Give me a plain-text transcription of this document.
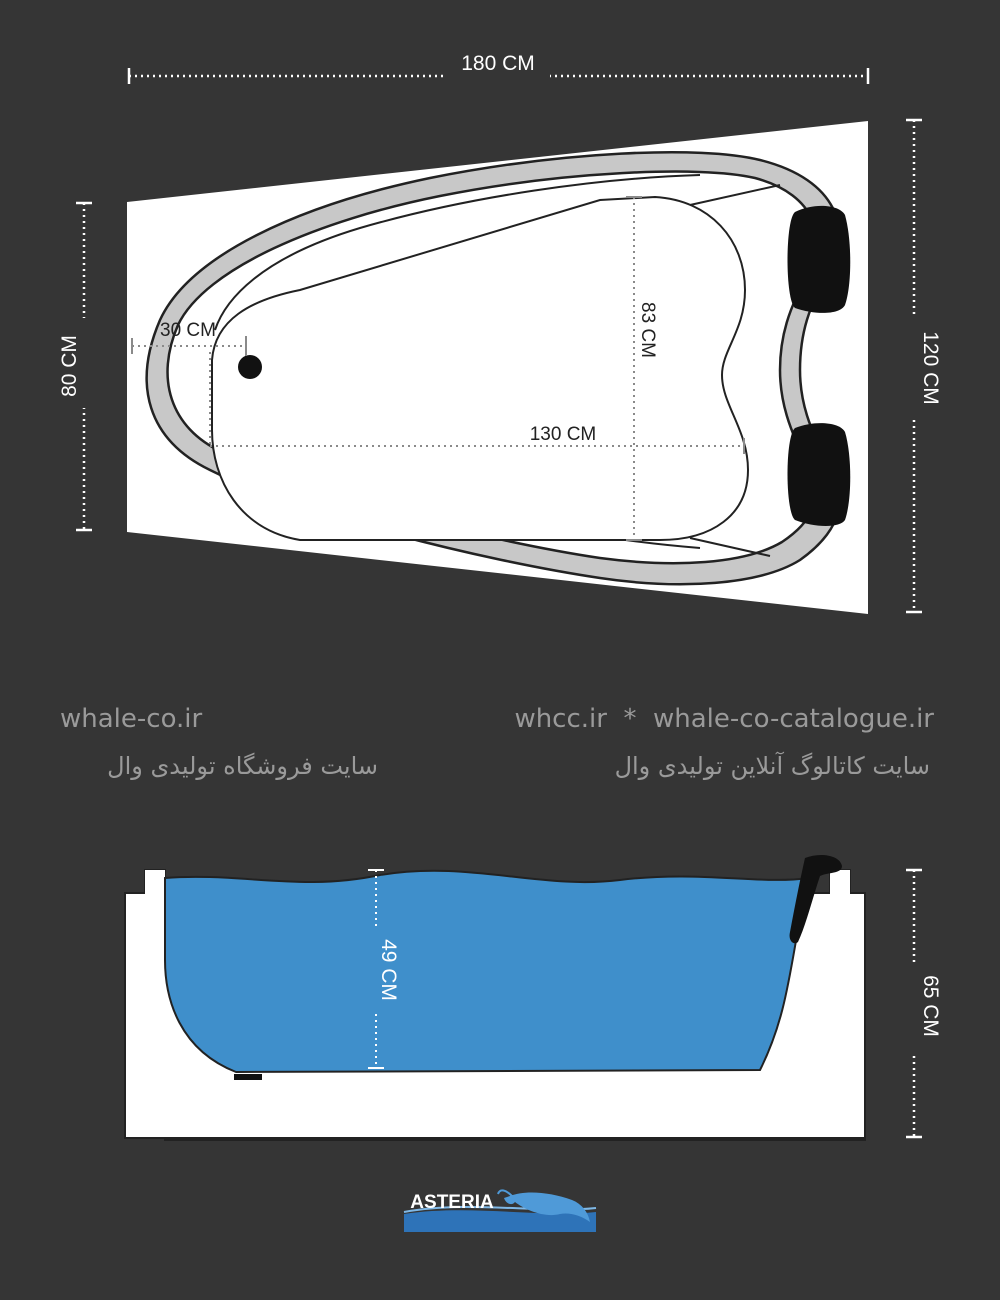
180 CM
30 CM
130 CM
83 CM
120 CM
80 CM
49 CM
65 CM
ASTERIA

whale-co.ir

سایت فروشگاه تولیدی وال

whcc.ir  *  whale-co-catalogue.ir

سایت کاتالوگ آنلاین تولیدی وال
